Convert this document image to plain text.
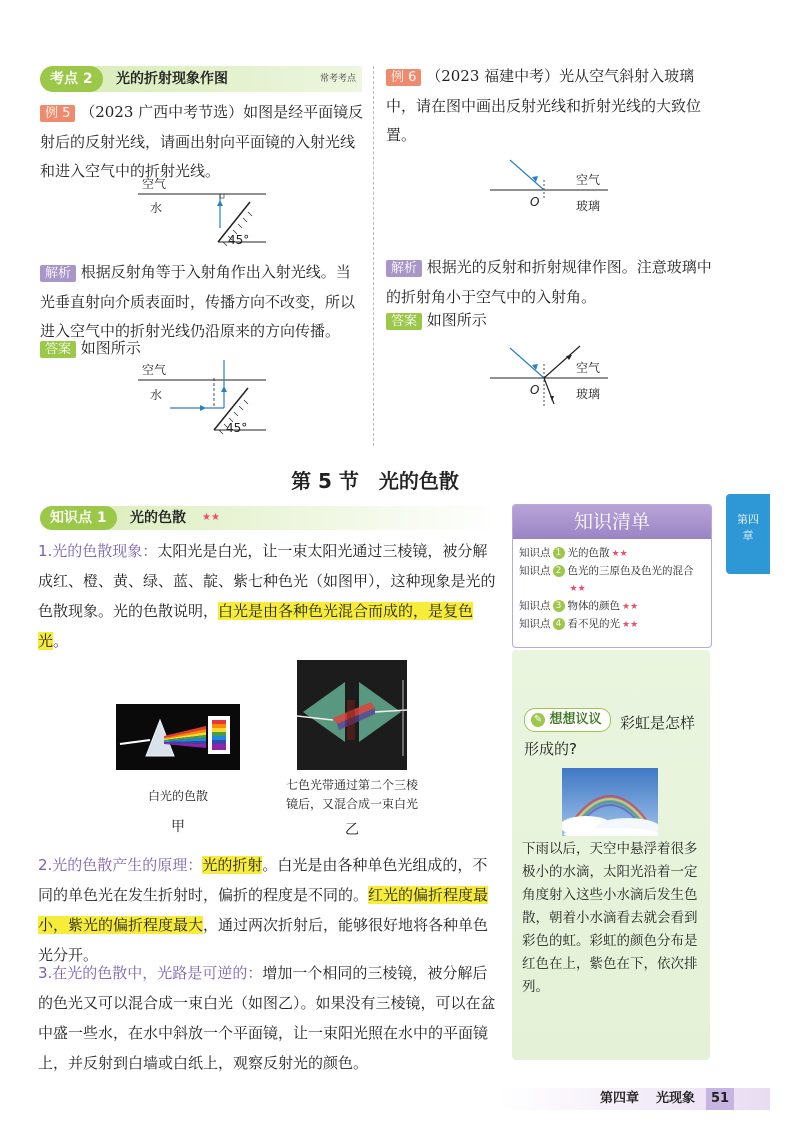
考点 2	光的折射现象作图	常考考点
例 5 （2023 广西中考节选）如图是经平面镜反射后的反射光线，请画出射向平面镜的入射光线和进入空气中的折射光线。
空气
水
45°
解析 根据反射角等于入射角作出入射光线。当光垂直射向介质表面时，传播方向不改变，所以进入空气中的折射光线仍沿原来的方向传播。
答案 如图所示
空气
水
45°
例 6 （2023 福建中考）光从空气斜射入玻璃中，请在图中画出反射光线和折射光线的大致位置。
O
空气
玻璃
解析 根据光的反射和折射规律作图。注意玻璃中的折射角小于空气中的入射角。
答案 如图所示
O
空气
玻璃
第 5 节　光的色散
知识点 1	光的色散 ★★
1.光的色散现象：太阳光是白光，让一束太阳光通过三棱镜，被分解成红、橙、黄、绿、蓝、靛、紫七种色光（如图甲），这种现象是光的色散现象。光的色散说明，白光是由各种色光混合而成的，是复色光。
白光的色散
甲
七色光带通过第二个三棱
镜后，又混合成一束白光
乙
2.光的色散产生的原理：光的折射。白光是由各种单色光组成的，不同的单色光在发生折射时，偏折的程度是不同的。红光的偏折程度最小，紫光的偏折程度最大，通过两次折射后，能够很好地将各种单色光分开。
3.在光的色散中，光路是可逆的：增加一个相同的三棱镜，被分解后的色光又可以混合成一束白光（如图乙）。如果没有三棱镜，可以在盆中盛一些水，在水中斜放一个平面镜，让一束阳光照在水中的平面镜上，并反射到白墙或白纸上，观察反射光的颜色。
知识清单
知识点 1 光的色散 ★★
知识点 2 色光的三原色及色光的混合★★
知识点 3 物体的颜色 ★★
知识点 4 看不见的光 ★★
✎ 想想议议	彩虹是怎样形成的?
下雨以后，天空中悬浮着很多极小的水滴，太阳光沿着一定角度射入这些小水滴后发生色散，朝着小水滴看去就会看到彩色的虹。彩虹的颜色分布是红色在上，紫色在下，依次排列。
第四
章
第四章 光现象	51
